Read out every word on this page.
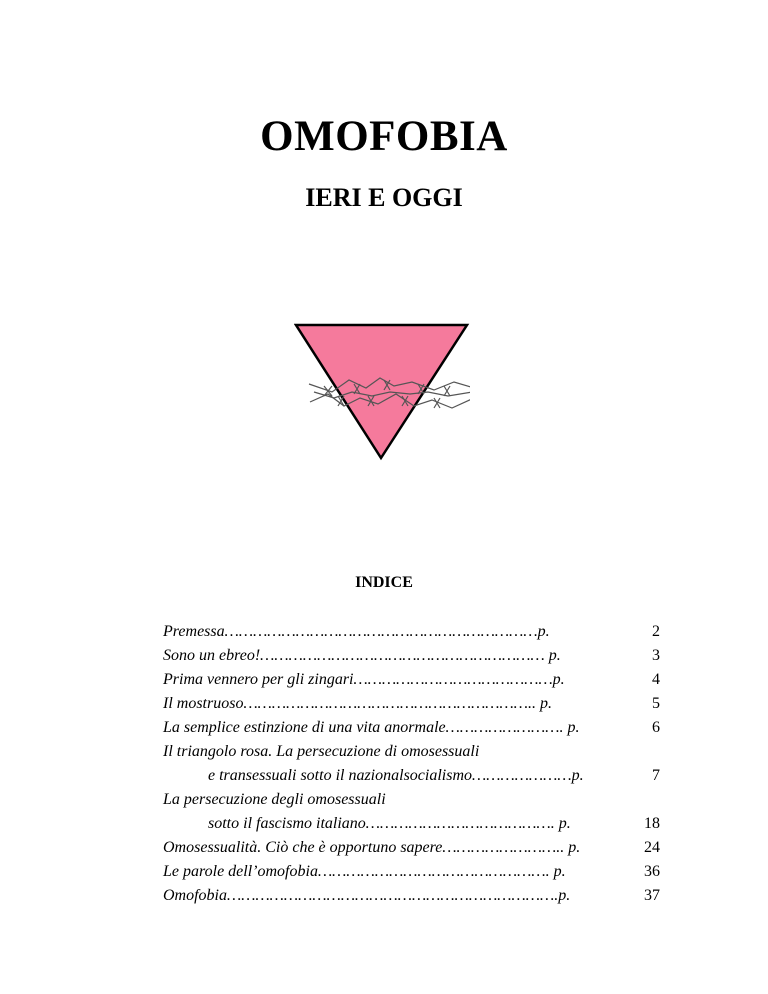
OMOFOBIA
IERI E OGGI
INDICE
Premessa…………………………………………………………p.	2
Sono un ebreo!…………………………………………………… p.	3
Prima vennero per gli zingari……………………………………p.	4
Il mostruoso…………………………………………………….. p.	5
La semplice estinzione di una vita anormale……………………. p.	6
Il triangolo rosa. La persecuzione di omosessuali
e transessuali sotto il nazionalsocialismo…………………p.	7
La persecuzione degli omosessuali
sotto il fascismo italiano…………………………………. p.	18
Omosessualità. Ciò che è opportuno sapere…………………….. p.	24
Le parole dell’omofobia…………………………………………. p.	36
Omofobia…………………………………………………………….p.	37
